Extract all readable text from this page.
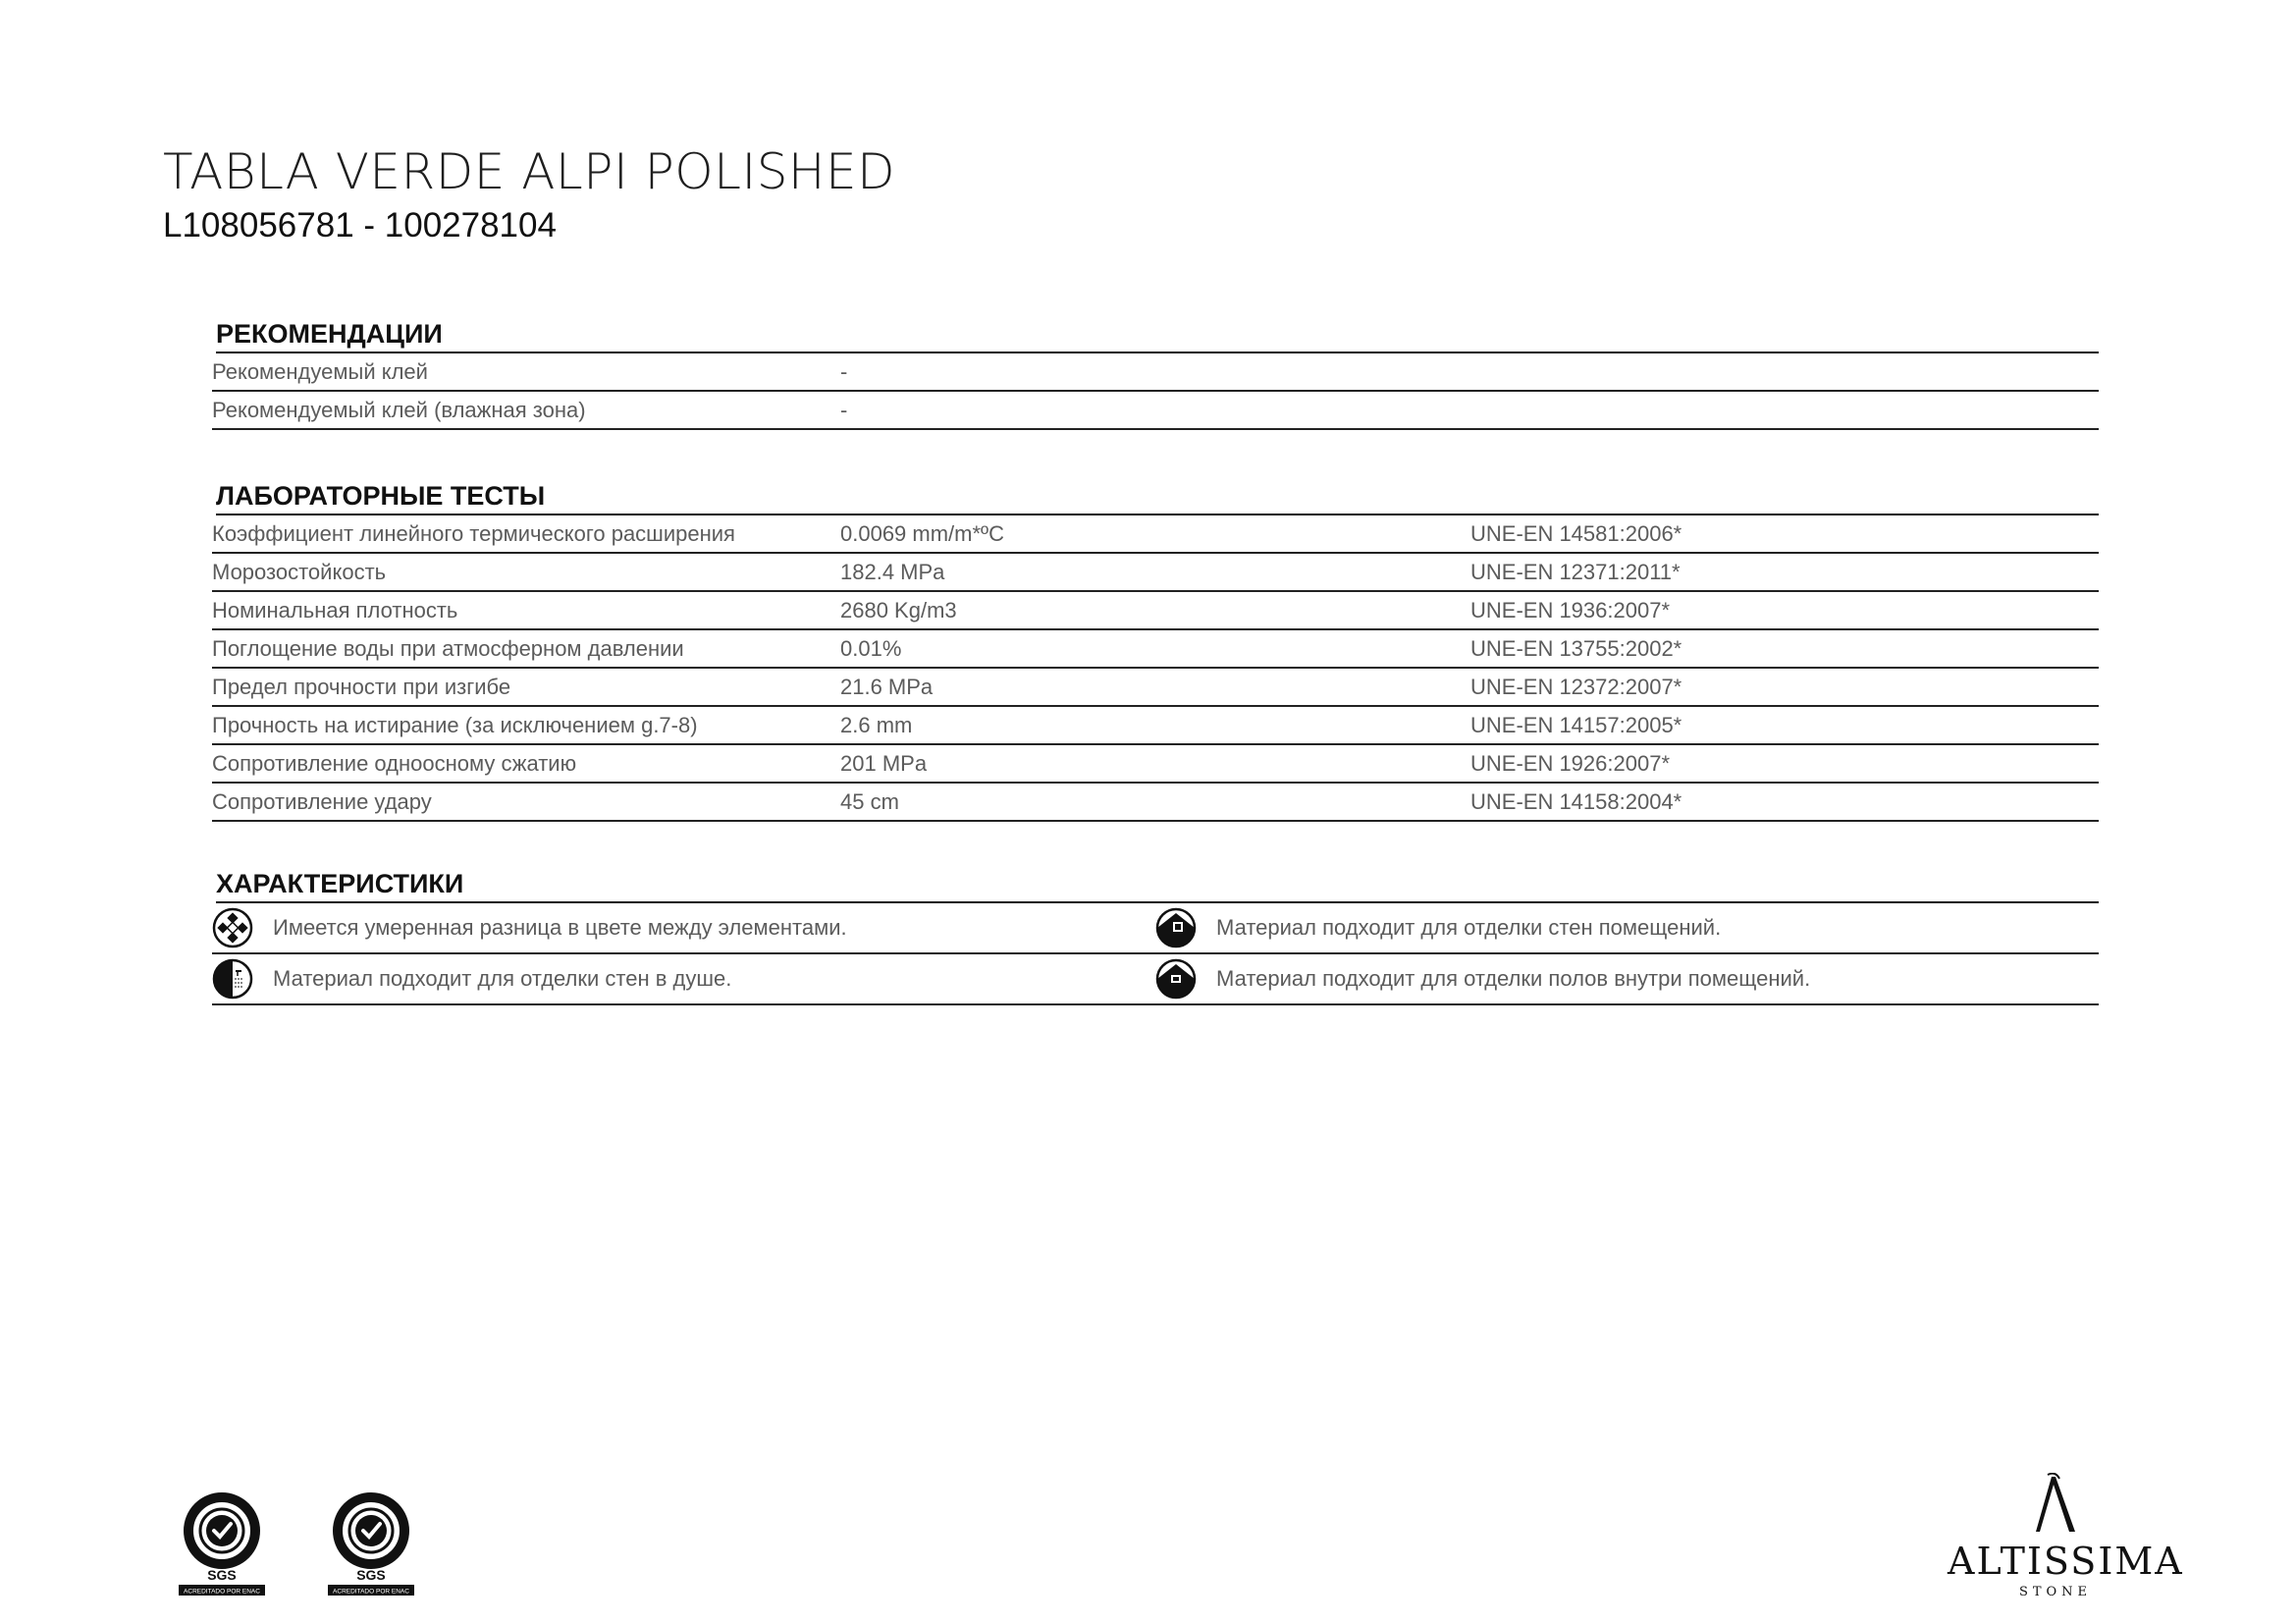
TABLA VERDE ALPI POLISHED
L108056781 - 100278104
РЕКОМЕНДАЦИИ
Рекомендуемый клей	-
Рекомендуемый клей (влажная зона)	-
ЛАБОРАТОРНЫЕ ТЕСТЫ
Коэффициент линейного термического расширения	0.0069 mm/m*ºC	UNE-EN 14581:2006*
Морозостойкость	182.4 MPa	UNE-EN 12371:2011*
Номинальная плотность	2680 Kg/m3	UNE-EN 1936:2007*
Поглощение воды при атмосферном давлении	0.01%	UNE-EN 13755:2002*
Предел прочности при изгибе	21.6 MPa	UNE-EN 12372:2007*
Прочность на истирание (за исключением g.7-8)	2.6 mm	UNE-EN 14157:2005*
Сопротивление одноосному сжатию	201 MPa	UNE-EN 1926:2007*
Сопротивление удару	45 cm	UNE-EN 14158:2004*
ХАРАКТЕРИСТИКИ
Имеется умеренная разница в цвете между элементами.	Материал подходит для отделки стен помещений.
Материал подходит для отделки стен в душе.	Материал подходит для отделки полов внутри помещений.
SGS
ACREDITADO POR ENAC
SGS
ACREDITADO POR ENAC
ALTISSIMA
STONE
